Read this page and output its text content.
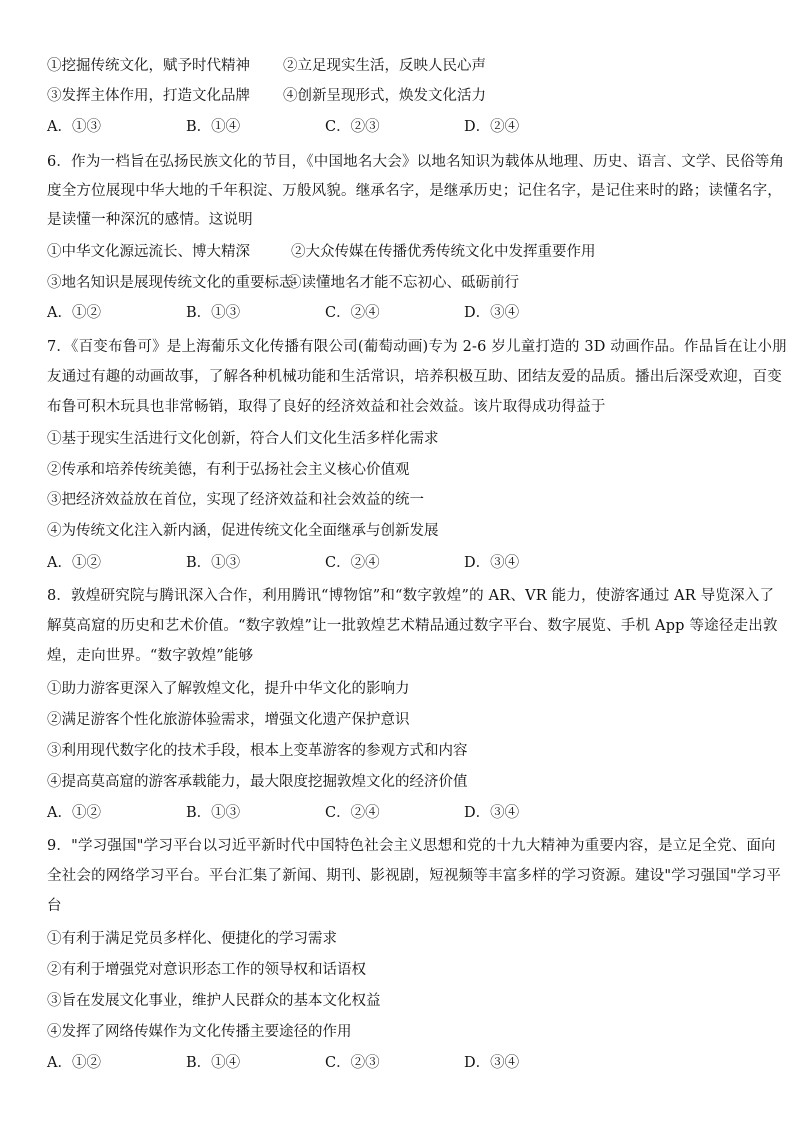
①挖掘传统文化，赋予时代精神 ②立足现实生活，反映人民心声
③发挥主体作用，打造文化品牌 ④创新呈现形式，焕发文化活力
A．①③	B．①④	C．②③	D．②④
6．作为一档旨在弘扬民族文化的节目，《中国地名大会》以地名知识为载体从地理、历史、语言、文学、民俗等角
度全方位展现中华大地的千年积淀、万般风貌。继承名字，是继承历史；记住名字，是记住来时的路；读懂名字，
是读懂一种深沉的感情。这说明
①中华文化源远流长、博大精深	②大众传媒在传播优秀传统文化中发挥重要作用
③地名知识是展现传统文化的重要标志
④读懂地名才能不忘初心、砥砺前行
A．①②	B．①③	C．②④	D．③④
7．《百变布鲁可》是上海葡乐文化传播有限公司(葡萄动画)专为 2-6 岁儿童打造的 3D 动画作品。作品旨在让小朋
友通过有趣的动画故事，了解各种机械功能和生活常识，培养积极互助、团结友爱的品质。播出后深受欢迎，百变
布鲁可积木玩具也非常畅销，取得了良好的经济效益和社会效益。该片取得成功得益于
①基于现实生活进行文化创新，符合人们文化生活多样化需求
②传承和培养传统美德，有利于弘扬社会主义核心价值观
③把经济效益放在首位，实现了经济效益和社会效益的统一
④为传统文化注入新内涵，促进传统文化全面继承与创新发展
A．①②	B．①③	C．②④	D．③④
8．敦煌研究院与腾讯深入合作，利用腾讯“博物馆”和“数字敦煌”的 AR、VR 能力，使游客通过 AR 导览深入了
解莫高窟的历史和艺术价值。“数字敦煌”让一批敦煌艺术精品通过数字平台、数字展览、手机 App 等途径走出敦
煌，走向世界。“数字敦煌”能够
①助力游客更深入了解敦煌文化，提升中华文化的影响力
②满足游客个性化旅游体验需求，增强文化遗产保护意识
③利用现代数字化的技术手段，根本上变革游客的参观方式和内容
④提高莫高窟的游客承载能力，最大限度挖掘敦煌文化的经济价值
A．①②	B．①③	C．②④	D．③④
9．"学习强国"学习平台以习近平新时代中国特色社会主义思想和党的十九大精神为重要内容，是立足全党、面向
全社会的网络学习平台。平台汇集了新闻、期刊、影视剧，短视频等丰富多样的学习资源。建设"学习强国"学习平
台
①有利于满足党员多样化、便捷化的学习需求
②有利于增强党对意识形态工作的领导权和话语权
③旨在发展文化事业，维护人民群众的基本文化权益
④发挥了网络传媒作为文化传播主要途径的作用
A．①②	B．①④	C．②③	D．③④
